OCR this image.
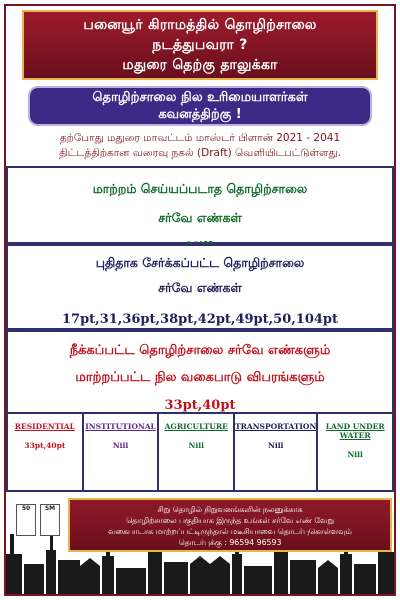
பனையூர் கிராமத்தில் தொழிற்சாலை
நடத்துபவரா ?
மதுரை தெற்கு தாலுக்கா
தொழிற்சாலை நில உரிமையாளர்கள்
கவனத்திற்கு !
தற்போது மதுரை மாவட்டம் மாஸ்டர் பிளான் 2021 - 2041
திட்டத்திற்கான வரைவு நகல் (Draft) வெளியிடபட்டுள்ளது.
மாற்றம் செய்யப்படாத தொழிற்சாலை
சர்வே எண்கள்
புதிதாக சேர்க்கப்பட்ட தொழிற்சாலை
சர்வே எண்கள்
17pt,31,36pt,38pt,42pt,49pt,50,104pt
நீக்கப்பட்ட தொழிற்சாலை சர்வே எண்களும்
மாற்றப்பட்ட நில வகைபாடு விபரங்களும்
33pt,40pt
RESIDENTIAL
33pt,40pt
INSTITUTIONAL
Nill
AGRICULTURE
Nill
TRANSPORTATION
Nill
LAND UNDER WATER
Nill
50	SM	சிறு தொழில் நிறுவனங்களின் நலனுக்காக
தொழிற்சாலை பகுதியாக இருந்த உங்கள் சர்வே எண் வேறு
வகைபாடாக மாற்றப்பட்டிருந்தால் மடீசியாவை தொடர்புகொள்ளவும்
தொடர்புக்கு : 96594 96593
